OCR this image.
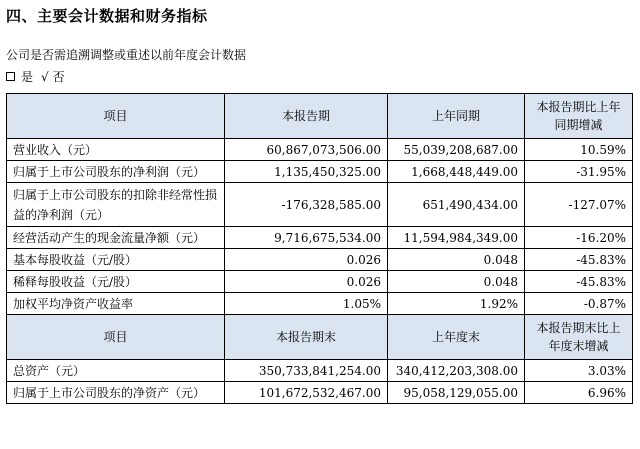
四、主要会计数据和财务指标
公司是否需追溯调整或重述以前年度会计数据
是 √ 否
项目	本报告期	上年同期	本报告期比上年同期增减
营业收入（元）	60,867,073,506.00	55,039,208,687.00	10.59%
归属于上市公司股东的净利润（元）	1,135,450,325.00	1,668,448,449.00	-31.95%
归属于上市公司股东的扣除非经常性损益的净利润（元）	-176,328,585.00	651,490,434.00	-127.07%
经营活动产生的现金流量净额（元）	9,716,675,534.00	11,594,984,349.00	-16.20%
基本每股收益（元/股）	0.026	0.048	-45.83%
稀释每股收益（元/股）	0.026	0.048	-45.83%
加权平均净资产收益率	1.05%	1.92%	-0.87%
项目	本报告期末	上年度末	本报告期末比上年度末增减
总资产（元）	350,733,841,254.00	340,412,203,308.00	3.03%
归属于上市公司股东的净资产（元）	101,672,532,467.00	95,058,129,055.00	6.96%
